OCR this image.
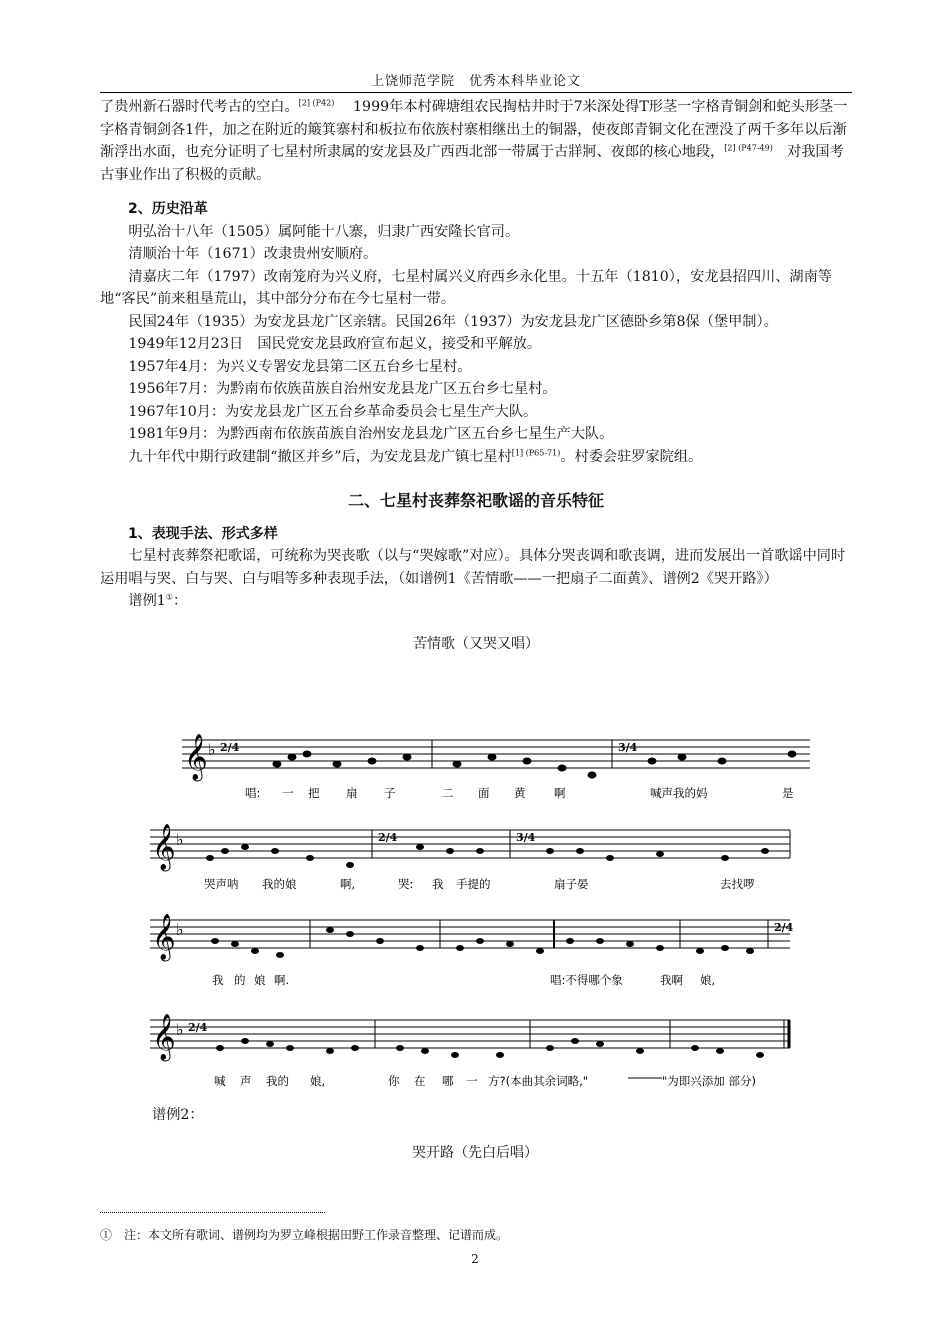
上饶师范学院　优秀本科毕业论文

了贵州新石器时代考古的空白。$^{[2] (P42)}$　 1999年本村碑塘组农民掏枯井时于7米深处得T形茎一字格青铜剑和蛇头形茎一字格青铜剑各1件，加之在附近的簸箕寨村和板拉布依族村寨相继出土的铜器，使夜郎青铜文化在湮没了两千多年以后渐渐浮出水面，也充分证明了七星村所隶属的安龙县及广西西北部一带属于古牂牁、夜郎的核心地段，$^{[2] (P47-49)}$　对我国考古事业作出了积极的贡献。

2、历史沿革

明弘治十八年（1505）属阿能十八寨，归隶广西安隆长官司。

清顺治十年（1671）改隶贵州安顺府。

清嘉庆二年（1797）改南笼府为兴义府，七星村属兴义府西乡永化里。十五年（1810），安龙县招四川、湖南等地“客民”前来租垦荒山，其中部分分布在今七星村一带。

民国24年（1935）为安龙县龙广区亲辖。民国26年（1937）为安龙县龙广区德卧乡第8保（堡甲制）。

1949年12月23日　国民党安龙县政府宣布起义，接受和平解放。

1957年4月：为兴义专署安龙县第二区五台乡七星村。

1956年7月：为黔南布依族苗族自治州安龙县龙广区五台乡七星村。

1967年10月：为安龙县龙广区五台乡革命委员会七星生产大队。

1981年9月：为黔西南布依族苗族自治州安龙县龙广区五台乡七星生产大队。

九十年代中期行政建制“撤区并乡”后，为安龙县龙广镇七星村$^{[1] (P65-71)}$。村委会驻罗家院组。

二、七星村丧葬祭祀歌谣的音乐特征
1、表现手法、形式多样

七星村丧葬祭祀歌谣，可统称为哭丧歌（以与“哭嫁歌”对应）。具体分哭丧调和歌丧调，进而发展出一首歌谣中同时运用唱与哭、白与哭、白与唱等多种表现手法，（如谱例1《苦情歌——一把扇子二面黄》、谱例2《哭开路》）

谱例1①：

苦情歌（又哭又唱）

𝄞 ♭ 2/4	3/4
唱: 一 把 扇 子	二 面 黄 啊	喊声我的妈	是
𝄞 ♭	2/4	3/4
哭声呐 我的娘	啊,	哭: 我 手提的	扇子晏	去找啰
𝄞 ♭	2/4
我 的 娘 啊.	唱:不得哪个象	我啊 娘,
𝄞 ♭ 2/4
喊 声 我的 娘,	你 在 哪 一 方?(本曲其余词略,"	"为即兴添加 部分)
谱例2：
哭开路（先白后唱）
①　注：本文所有歌词、谱例均为罗立峰根据田野工作录音整理、记谱而成。
2
